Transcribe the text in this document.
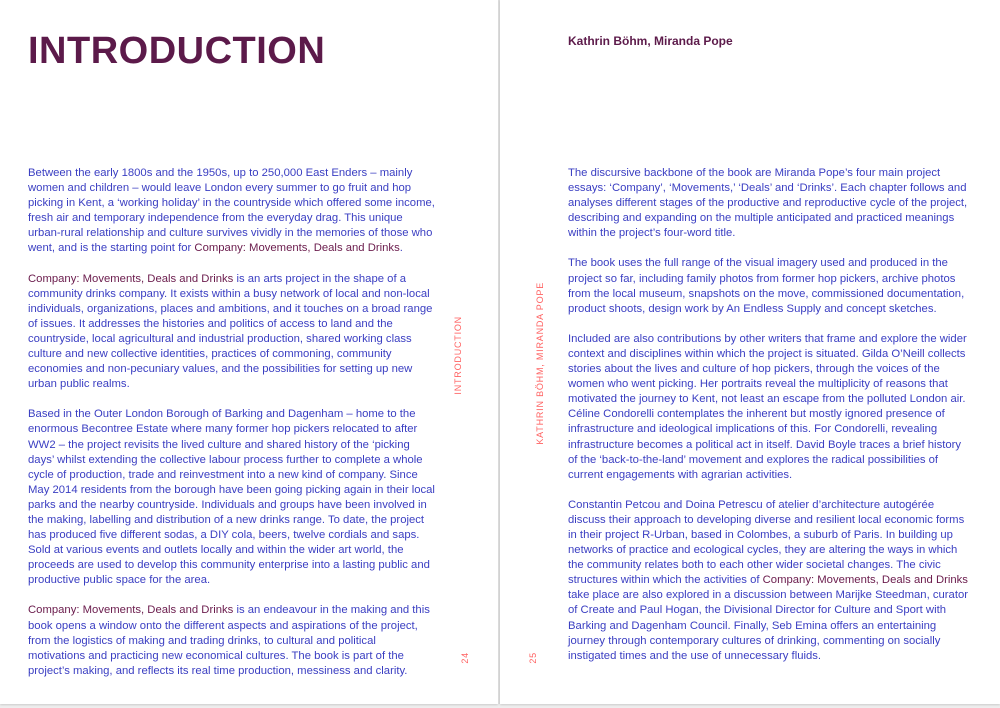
INTRODUCTION

Between the early 1800s and the 1950s, up to 250,000 East Enders – mainly women and children – would leave London every summer to go fruit and hop picking in Kent, a ‘working holiday’ in the countryside which offered some income, fresh air and temporary independence from the everyday drag. This unique urban-rural relationship and culture survives vividly in the memories of those who went, and is the starting point for Company: Movements, Deals and Drinks.

Company: Movements, Deals and Drinks is an arts project in the shape of a community drinks company. It exists within a busy network of local and non-local individuals, organizations, places and ambitions, and it touches on a broad range of issues. It addresses the histories and politics of access to land and the countryside, local agricultural and industrial production, shared working class culture and new collective identities, practices of commoning, community economies and non-pecuniary values, and the possibilities for setting up new urban public realms.

Based in the Outer London Borough of Barking and Dagenham – home to the enormous Becontree Estate where many former hop pickers relocated to after WW2 – the project revisits the lived culture and shared history of the ‘picking days’ whilst extending the collective labour process further to complete a whole cycle of production, trade and reinvestment into a new kind of company. Since May 2014 residents from the borough have been going picking again in their local parks and the nearby countryside. Individuals and groups have been involved in the making, labelling and distribution of a new drinks range. To date, the project has produced five different sodas, a DIY cola, beers, twelve cordials and saps. Sold at various events and outlets locally and within the wider art world, the proceeds are used to develop this community enterprise into a lasting public and productive public space for the area.

Company: Movements, Deals and Drinks is an endeavour in the making and this book opens a window onto the different aspects and aspirations of the project, from the logistics of making and trading drinks, to cultural and political motivations and practicing new economical cultures. The book is part of the project’s making, and reflects its real time production, messiness and clarity.

INTRODUCTION
24
Kathrin Böhm, Miranda Pope

The discursive backbone of the book are Miranda Pope’s four main project essays: ‘Company’, ‘Movements,’ ‘Deals’ and ‘Drinks’. Each chapter follows and analyses different stages of the productive and reproductive cycle of the project, describing and expanding on the multiple anticipated and practiced meanings within the project’s four-word title.

The book uses the full range of the visual imagery used and produced in the project so far, including family photos from former hop pickers, archive photos from the local museum, snapshots on the move, commissioned documentation, product shoots, design work by An Endless Supply and concept sketches.

Included are also contributions by other writers that frame and explore the wider context and disciplines within which the project is situated. Gilda O’Neill collects stories about the lives and culture of hop pickers, through the voices of the women who went picking. Her portraits reveal the multiplicity of reasons that motivated the journey to Kent, not least an escape from the polluted London air. Céline Condorelli contemplates the inherent but mostly ignored presence of infrastructure and ideological implications of this. For Condorelli, revealing infrastructure becomes a political act in itself. David Boyle traces a brief history of the ‘back-to-the-land’ movement and explores the radical possibilities of current engagements with agrarian activities.

Constantin Petcou and Doina Petrescu of atelier d’architecture autogérée discuss their approach to developing diverse and resilient local economic forms in their project R-Urban, based in Colombes, a suburb of Paris. In building up networks of practice and ecological cycles, they are altering the ways in which the community relates both to each other wider societal changes. The civic structures within which the activities of Company: Movements, Deals and Drinks take place are also explored in a discussion between Marijke Steedman, curator of Create and Paul Hogan, the Divisional Director for Culture and Sport with Barking and Dagenham Council. Finally, Seb Emina offers an entertaining journey through contemporary cultures of drinking, commenting on socially instigated times and the use of unnecessary fluids.

KATHRIN BÖHM, MIRANDA POPE
25
